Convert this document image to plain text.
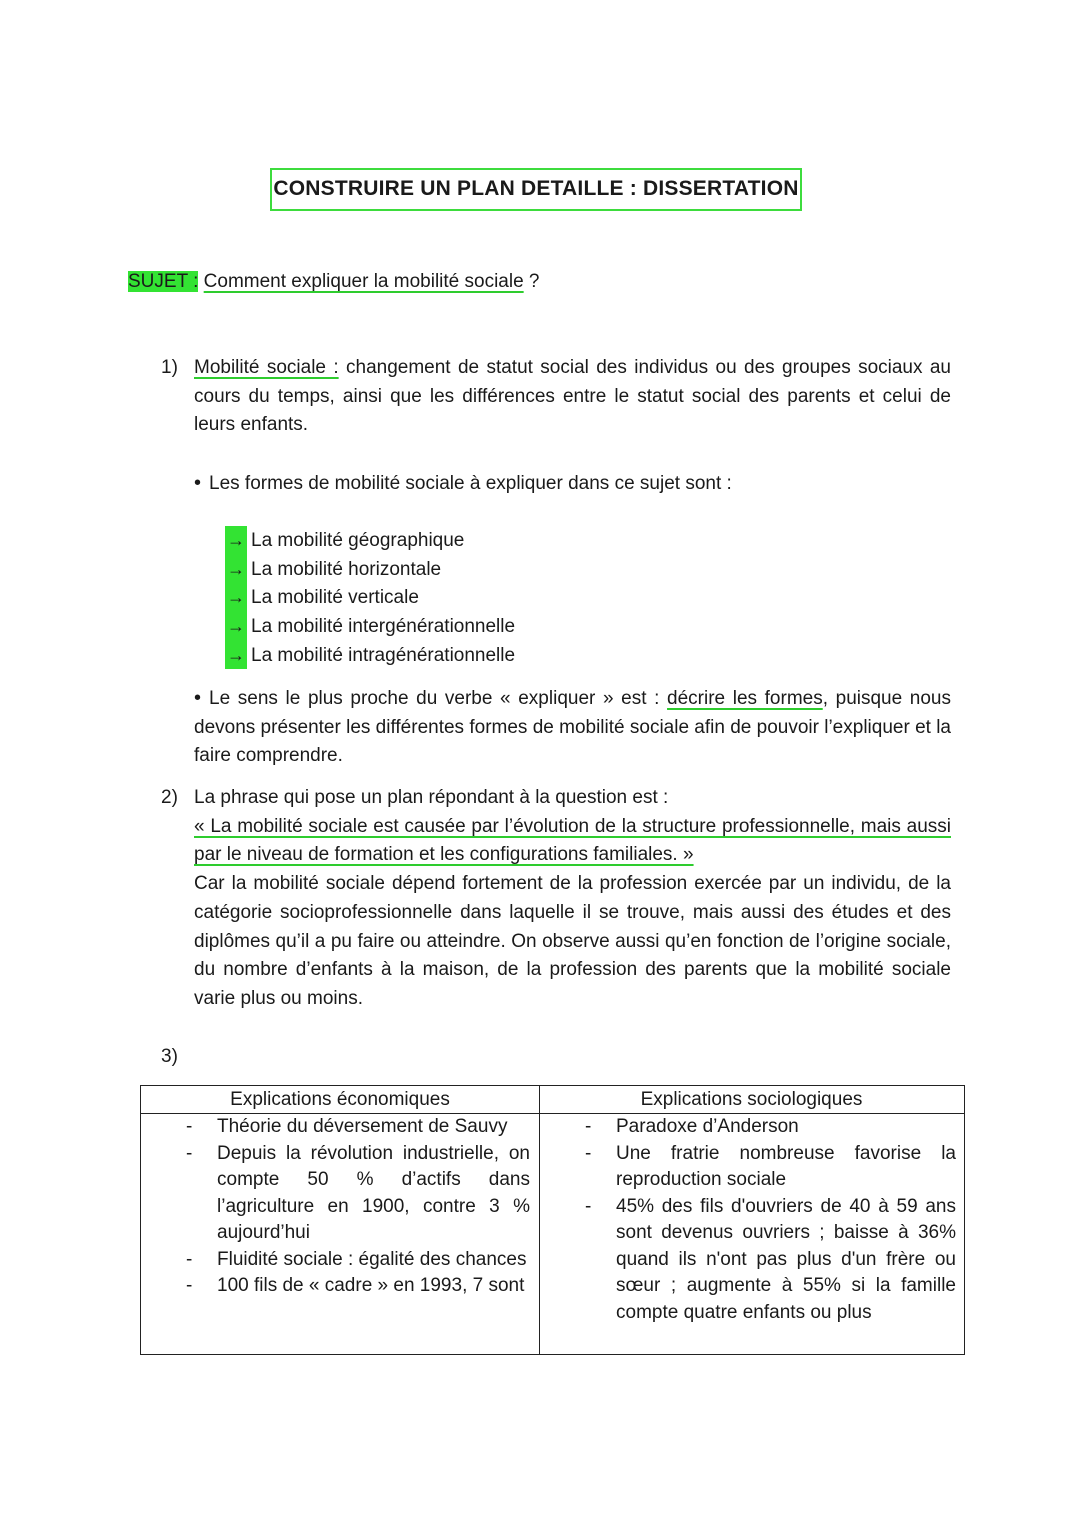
CONSTRUIRE UN PLAN DETAILLE : DISSERTATION
SUJET : Comment expliquer la mobilité sociale ?
1) Mobilité sociale : changement de statut social des individus ou des groupes sociaux au cours du temps, ainsi que les différences entre le statut social des parents et celui de leurs enfants.

• Les formes de mobilité sociale à expliquer dans ce sujet sont :
→ La mobilité géographique
→ La mobilité horizontale
→ La mobilité verticale
→ La mobilité intergénérationnelle
→ La mobilité intragénérationnelle

• Le sens le plus proche du verbe « expliquer » est : décrire les formes, puisque nous devons présenter les différentes formes de mobilité sociale afin de pouvoir l’expliquer et la faire comprendre.

2) La phrase qui pose un plan répondant à la question est :

« La mobilité sociale est causée par l’évolution de la structure professionnelle, mais aussi par le niveau de formation et les configurations familiales. »

Car la mobilité sociale dépend fortement de la profession exercée par un individu, de la catégorie socioprofessionnelle dans laquelle il se trouve, mais aussi des études et des diplômes qu’il a pu faire ou atteindre. On observe aussi qu’en fonction de l’origine sociale, du nombre d’enfants à la maison, de la profession des parents que la mobilité sociale varie plus ou moins.

3)
Explications économiques	Explications sociologiques
- Théorie du déversement de Sauvy
- Depuis la révolution industrielle, on compte 50 % d’actifs dans l’agriculture en 1900, contre 3 % aujourd’hui
- Fluidité sociale : égalité des chances
- 100 fils de « cadre » en 1993, 7 sont
- Paradoxe d’Anderson
- Une fratrie nombreuse favorise la reproduction sociale
- 45% des fils d'ouvriers de 40 à 59 ans sont devenus ouvriers ; baisse à 36% quand ils n'ont pas plus d'un frère ou sœur ; augmente à 55% si la famille compte quatre enfants ou plus
